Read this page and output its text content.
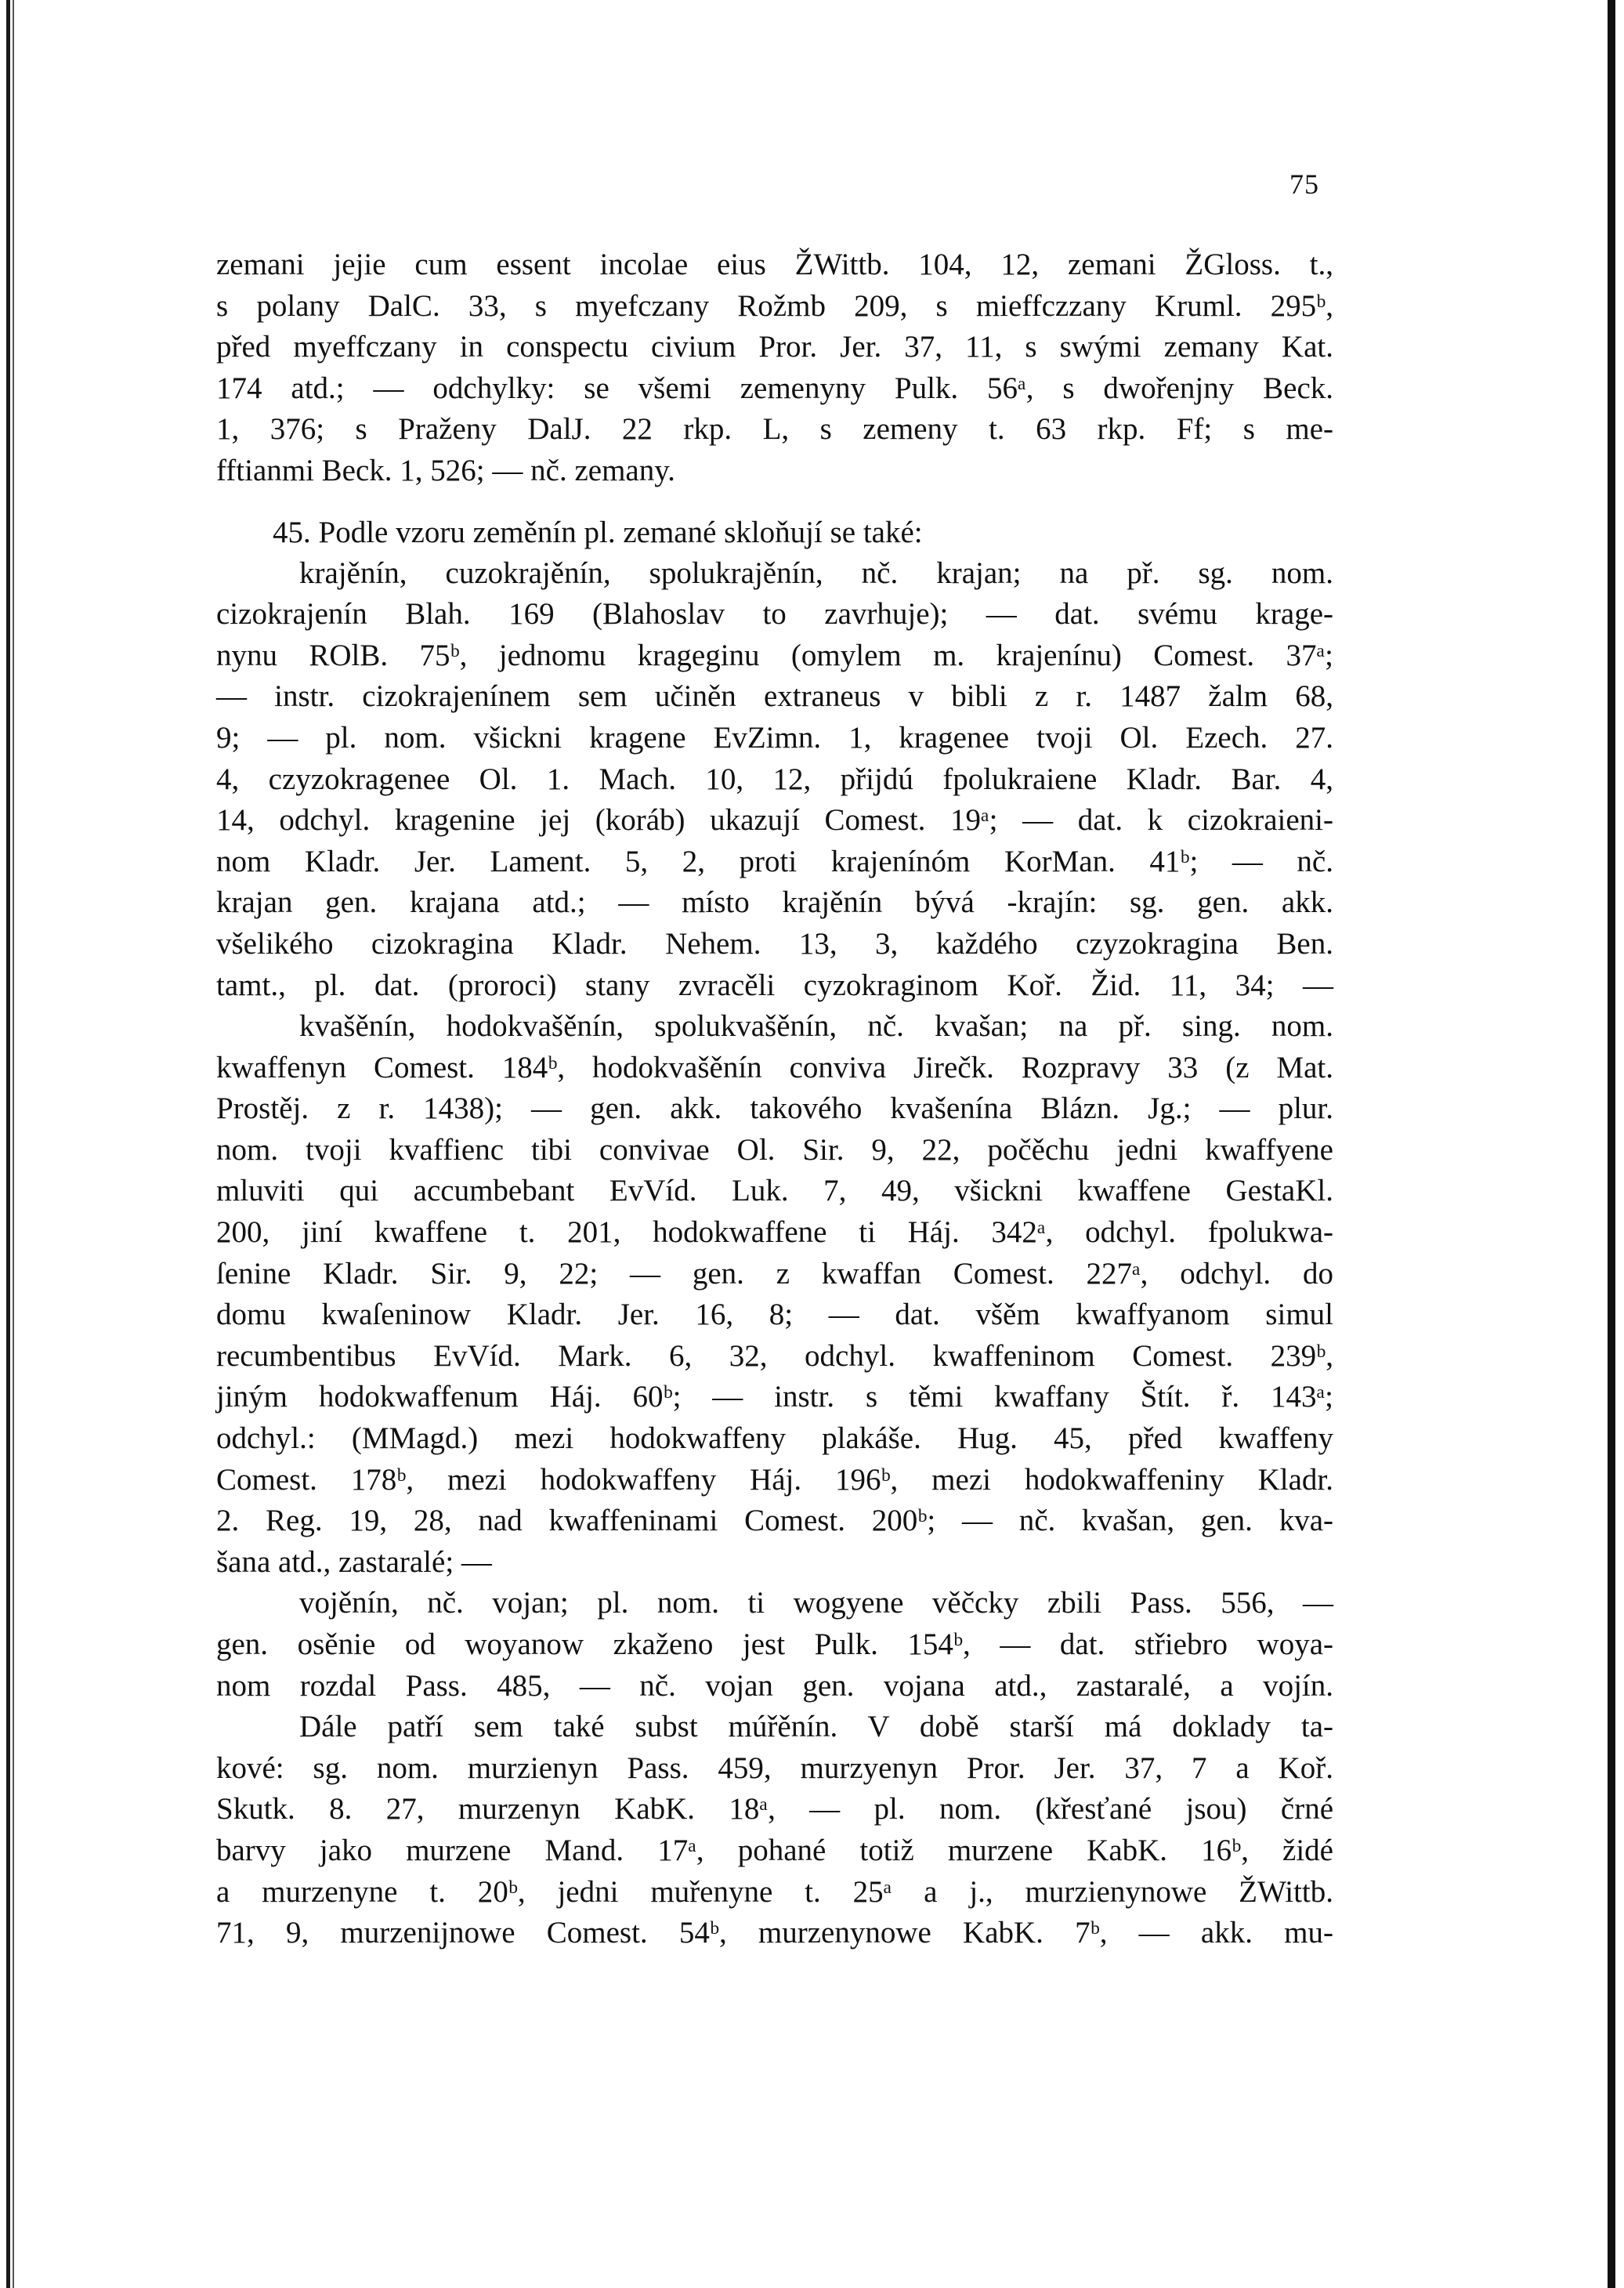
75
zemani jejie cum essent incolae eius ŽWittb. 104, 12, zemani ŽGloss. t.,
s polany DalC. 33, s myefczany Rožmb 209, s mieffczzany Kruml. 295ᵇ,
před myeffczany in conspectu civium Pror. Jer. 37, 11, s swými zemany Kat.
174 atd.; — odchylky: se všemi zemenyny Pulk. 56ᵃ, s dwořenjny Beck.
1, 376; s Praženy DalJ. 22 rkp. L, s zemeny t. 63 rkp. Ff; s me-
fftianmi Beck. 1, 526; — nč. zemany.
45. Podle vzoru zeměnín pl. zemané skloňují se také:
krajěnín, cuzokrajěnín, spolukrajěnín, nč. krajan; na př. sg. nom.
cizokrajenín Blah. 169 (Blahoslav to zavrhuje); — dat. svému krage-
nynu ROlB. 75ᵇ, jednomu krageginu (omylem m. krajenínu) Comest. 37ᵃ;
— instr. cizokrajenínem sem učiněn extraneus v bibli z r. 1487 žalm 68,
9; — pl. nom. všickni kragene EvZimn. 1, kragenee tvoji Ol. Ezech. 27.
4, czyzokragenee Ol. 1. Mach. 10, 12, přijdú fpolukraiene Kladr. Bar. 4,
14, odchyl. kragenine jej (koráb) ukazují Comest. 19ᵃ; — dat. k cizokraieni-
nom Kladr. Jer. Lament. 5, 2, proti krajenínóm KorMan. 41ᵇ; — nč.
krajan gen. krajana atd.; — místo krajěnín bývá -krajín: sg. gen. akk.
všelikého cizokragina Kladr. Nehem. 13, 3, každého czyzokragina Ben.
tamt., pl. dat. (proroci) stany zvracěli cyzokraginom Koř. Žid. 11, 34; —
kvašěnín, hodokvašěnín, spolukvašěnín, nč. kvašan; na př. sing. nom.
kwaffenyn Comest. 184ᵇ, hodokvašěnín conviva Jirečk. Rozpravy 33 (z Mat.
Prostěj. z r. 1438); — gen. akk. takového kvašenína Blázn. Jg.; — plur.
nom. tvoji kvaffienc tibi convivae Ol. Sir. 9, 22, počěchu jedni kwaffyene
mluviti qui accumbebant EvVíd. Luk. 7, 49, všickni kwaffene GestaKl.
200, jiní kwaffene t. 201, hodokwaffene ti Háj. 342ᵃ, odchyl. fpolukwa-
ſenine Kladr. Sir. 9, 22; — gen. z kwaffan Comest. 227ᵃ, odchyl. do
domu kwaſeninow Kladr. Jer. 16, 8; — dat. všěm kwaffyanom simul
recumbentibus EvVíd. Mark. 6, 32, odchyl. kwaffeninom Comest. 239ᵇ,
jiným hodokwaffenum Háj. 60ᵇ; — instr. s těmi kwaffany Štít. ř. 143ᵃ;
odchyl.: (MMagd.) mezi hodokwaffeny plakáše. Hug. 45, před kwaffeny
Comest. 178ᵇ, mezi hodokwaffeny Háj. 196ᵇ, mezi hodokwaffeniny Kladr.
2. Reg. 19, 28, nad kwaffeninami Comest. 200ᵇ; — nč. kvašan, gen. kva-
šana atd., zastaralé; —
vojěnín, nč. vojan; pl. nom. ti wogyene věčcky zbili Pass. 556, —
gen. osěnie od woyanow zkaženo jest Pulk. 154ᵇ, — dat. střiebro woya-
nom rozdal Pass. 485, — nč. vojan gen. vojana atd., zastaralé, a vojín.
Dále patří sem také subst múřěnín. V době starší má doklady ta-
kové: sg. nom. murzienyn Pass. 459, murzyenyn Pror. Jer. 37, 7 a Koř.
Skutk. 8. 27, murzenyn KabK. 18ᵃ, — pl. nom. (křesťané jsou) črné
barvy jako murzene Mand. 17ᵃ, pohané totiž murzene KabK. 16ᵇ, židé
a murzenyne t. 20ᵇ, jedni muřenyne t. 25ᵃ a j., murzienynowe ŽWittb.
71, 9, murzenijnowe Comest. 54ᵇ, murzenynowe KabK. 7ᵇ, — akk. mu-
